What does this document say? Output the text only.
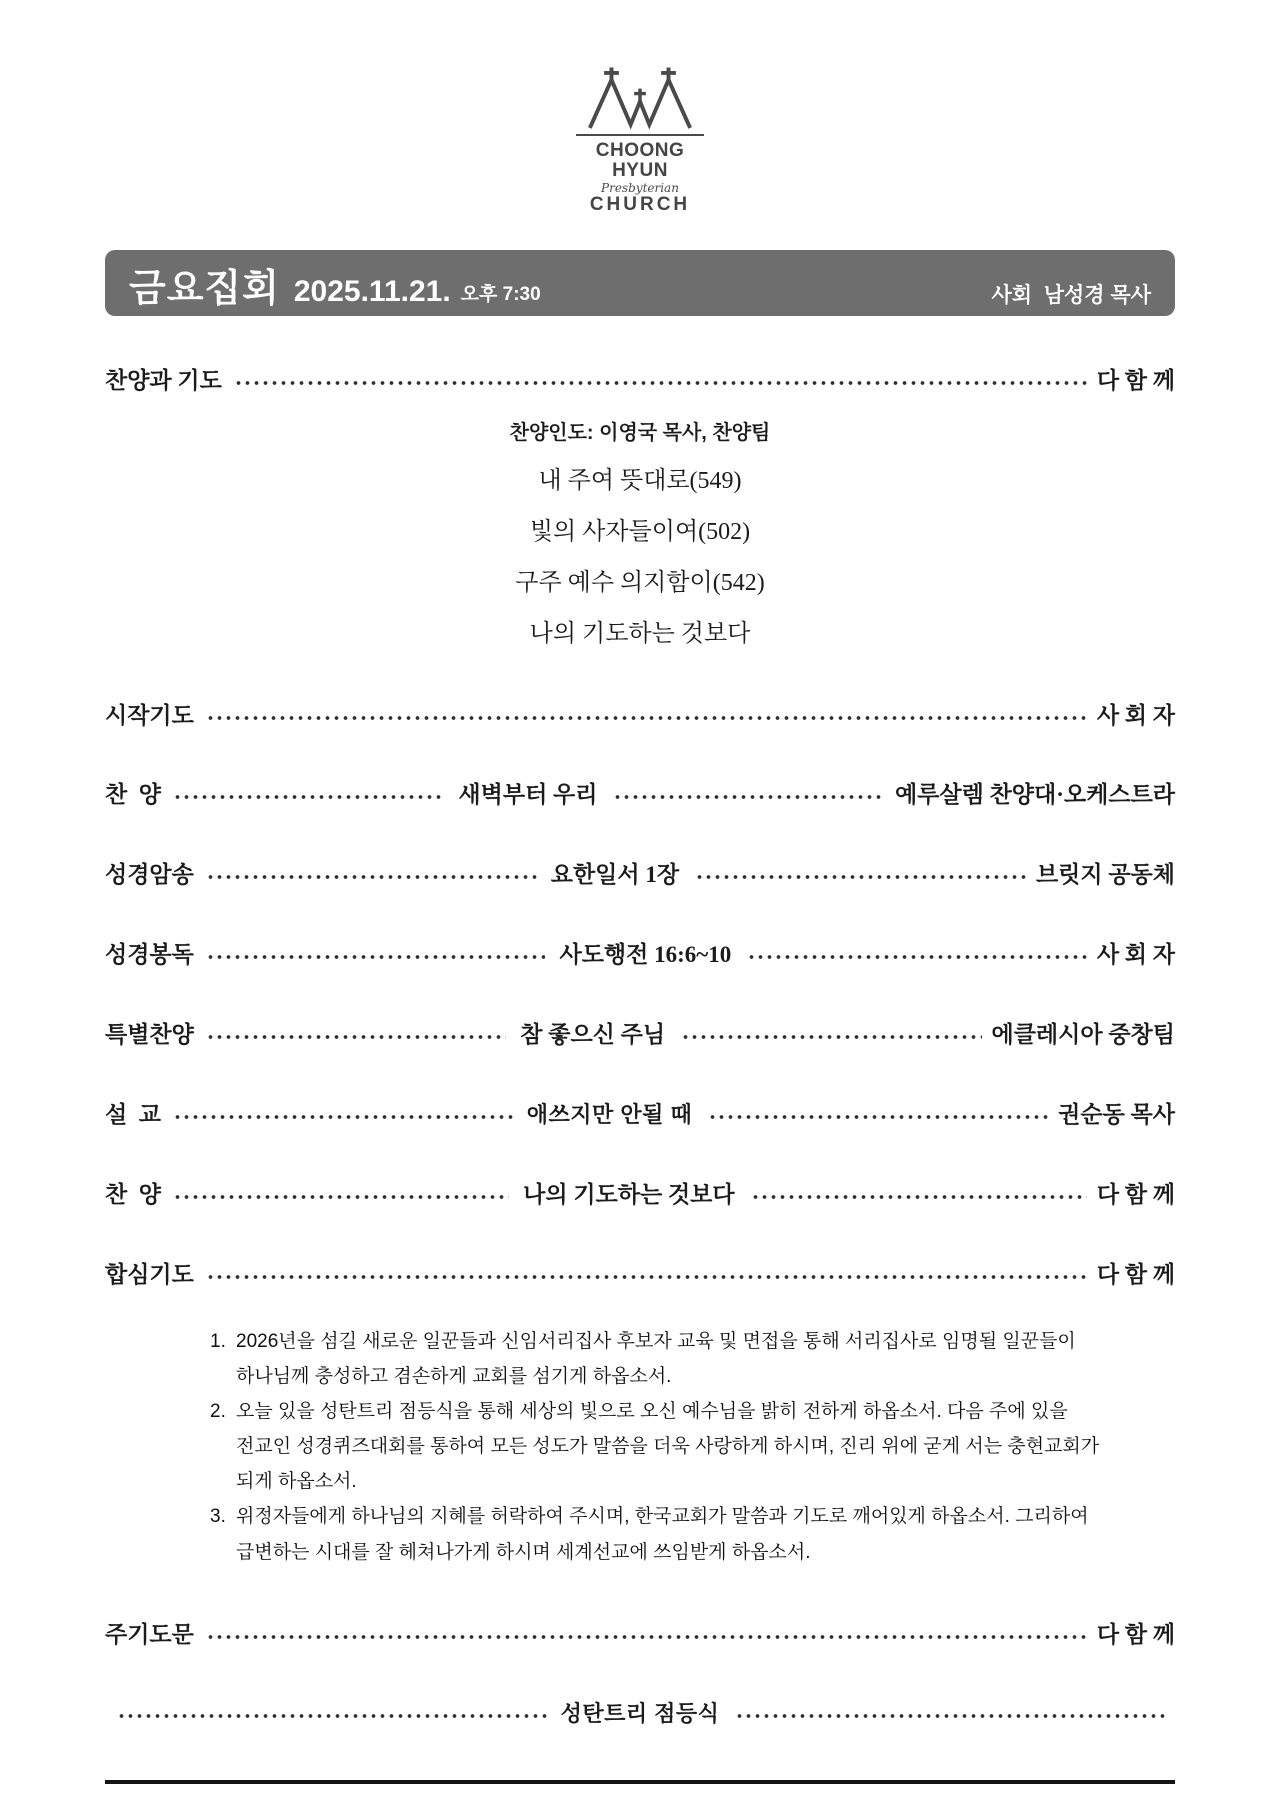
CHOONG HYUN
Presbyterian
CHURCH
금요집회 2025.11.21. 오후 7:30	사회  남성경 목사
찬양과 기도	다 함 께
찬양인도: 이영국 목사, 찬양팀
내 주여 뜻대로(549)
빛의 사자들이여(502)
구주 예수 의지함이(542)
나의 기도하는 것보다
시작기도	사 회 자
찬  양	새벽부터 우리	예루살렘 찬양대·오케스트라
성경암송	요한일서 1장	브릿지 공동체
성경봉독	사도행전 16:6~10	사 회 자
특별찬양	참 좋으신 주님	에클레시아 중창팀
설  교	애쓰지만 안될 때	권순동 목사
찬  양	나의 기도하는 것보다	다 함 께
합심기도	다 함 께
1. 2026년을 섬길 새로운 일꾼들과 신임서리집사 후보자 교육 및 면접을 통해 서리집사로 임명될 일꾼들이
하나님께 충성하고 겸손하게 교회를 섬기게 하옵소서.
2. 오늘 있을 성탄트리 점등식을 통해 세상의 빛으로 오신 예수님을 밝히 전하게 하옵소서. 다음 주에 있을
전교인 성경퀴즈대회를 통하여 모든 성도가 말씀을 더욱 사랑하게 하시며, 진리 위에 굳게 서는 충현교회가
되게 하옵소서.
3. 위정자들에게 하나님의 지혜를 허락하여 주시며, 한국교회가 말씀과 기도로 깨어있게 하옵소서. 그리하여
급변하는 시대를 잘 헤쳐나가게 하시며 세계선교에 쓰임받게 하옵소서.
주기도문	다 함 께
성탄트리 점등식
